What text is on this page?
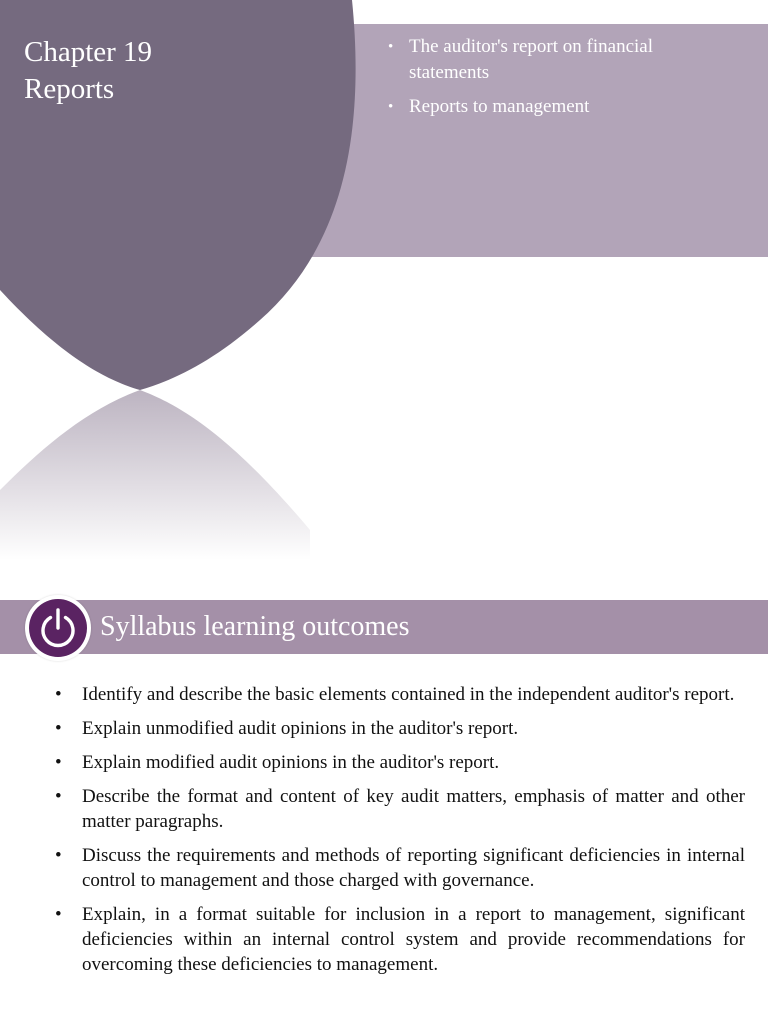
Chapter 19
Reports
• The auditor's report on financial statements
• Reports to management
Syllabus learning outcomes
• Identify and describe the basic elements contained in the independent auditor's report.
• Explain unmodified audit opinions in the auditor's report.
• Explain modified audit opinions in the auditor's report.
• Describe the format and content of key audit matters, emphasis of matter and other matter paragraphs.
• Discuss the requirements and methods of reporting significant deficiencies in internal control to management and those charged with governance.
• Explain, in a format suitable for inclusion in a report to management, significant deficiencies within an internal control system and provide recommendations for overcoming these deficiencies to management.
